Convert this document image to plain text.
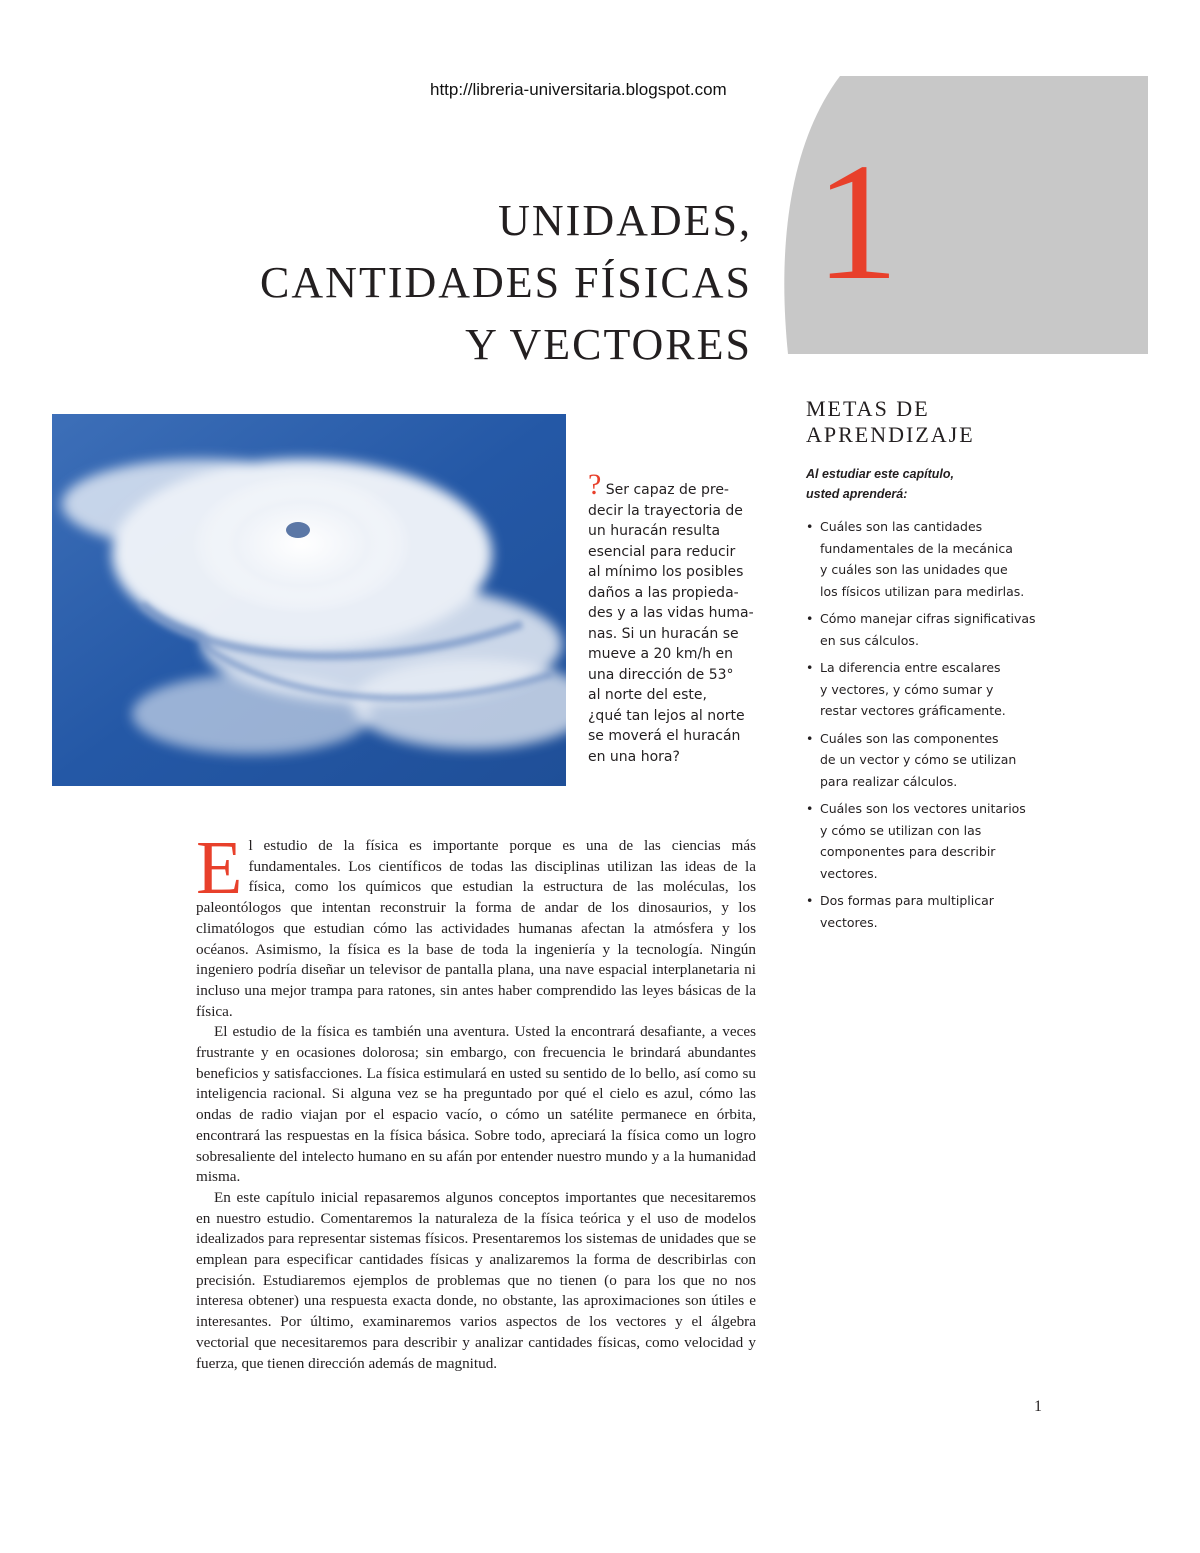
http://libreria-universitaria.blogspot.com
1
UNIDADES,
CANTIDADES FÍSICAS
Y VECTORES
? Ser capaz de pre-
decir la trayectoria de
un huracán resulta
esencial para reducir
al mínimo los posibles
daños a las propieda-
des y a las vidas huma-
nas. Si un huracán se
mueve a 20 km/h en
una dirección de 53°
al norte del este,
¿qué tan lejos al norte
se moverá el huracán
en una hora?
METAS DE
APRENDIZAJE
Al estudiar este capítulo,
usted aprenderá:
• Cuáles son las cantidades
fundamentales de la mecánica
y cuáles son las unidades que
los físicos utilizan para medirlas.
• Cómo manejar cifras significativas
en sus cálculos.
• La diferencia entre escalares
y vectores, y cómo sumar y
restar vectores gráficamente.
• Cuáles son las componentes
de un vector y cómo se utilizan
para realizar cálculos.
• Cuáles son los vectores unitarios
y cómo se utilizan con las
componentes para describir
vectores.
• Dos formas para multiplicar
vectores.

El estudio de la física es importante porque es una de las ciencias más fundamentales. Los científicos de todas las disciplinas utilizan las ideas de la física, como los químicos que estudian la estructura de las moléculas, los paleontólogos que intentan reconstruir la forma de andar de los dinosaurios, y los climatólogos que estudian cómo las actividades humanas afectan la atmósfera y los océanos. Asimismo, la física es la base de toda la ingeniería y la tecnología. Ningún ingeniero podría diseñar un televisor de pantalla plana, una nave espacial interplanetaria ni incluso una mejor trampa para ratones, sin antes haber comprendido las leyes básicas de la física.

El estudio de la física es también una aventura. Usted la encontrará desafiante, a veces frustrante y en ocasiones dolorosa; sin embargo, con frecuencia le brindará abundantes beneficios y satisfacciones. La física estimulará en usted su sentido de lo bello, así como su inteligencia racional. Si alguna vez se ha preguntado por qué el cielo es azul, cómo las ondas de radio viajan por el espacio vacío, o cómo un satélite permanece en órbita, encontrará las respuestas en la física básica. Sobre todo, apreciará la física como un logro sobresaliente del intelecto humano en su afán por entender nuestro mundo y a la humanidad misma.

En este capítulo inicial repasaremos algunos conceptos importantes que necesitaremos en nuestro estudio. Comentaremos la naturaleza de la física teórica y el uso de modelos idealizados para representar sistemas físicos. Presentaremos los sistemas de unidades que se emplean para especificar cantidades físicas y analizaremos la forma de describirlas con precisión. Estudiaremos ejemplos de problemas que no tienen (o para los que no nos interesa obtener) una respuesta exacta donde, no obstante, las aproximaciones son útiles e interesantes. Por último, examinaremos varios aspectos de los vectores y el álgebra vectorial que necesitaremos para describir y analizar cantidades físicas, como velocidad y fuerza, que tienen dirección además de magnitud.

1
